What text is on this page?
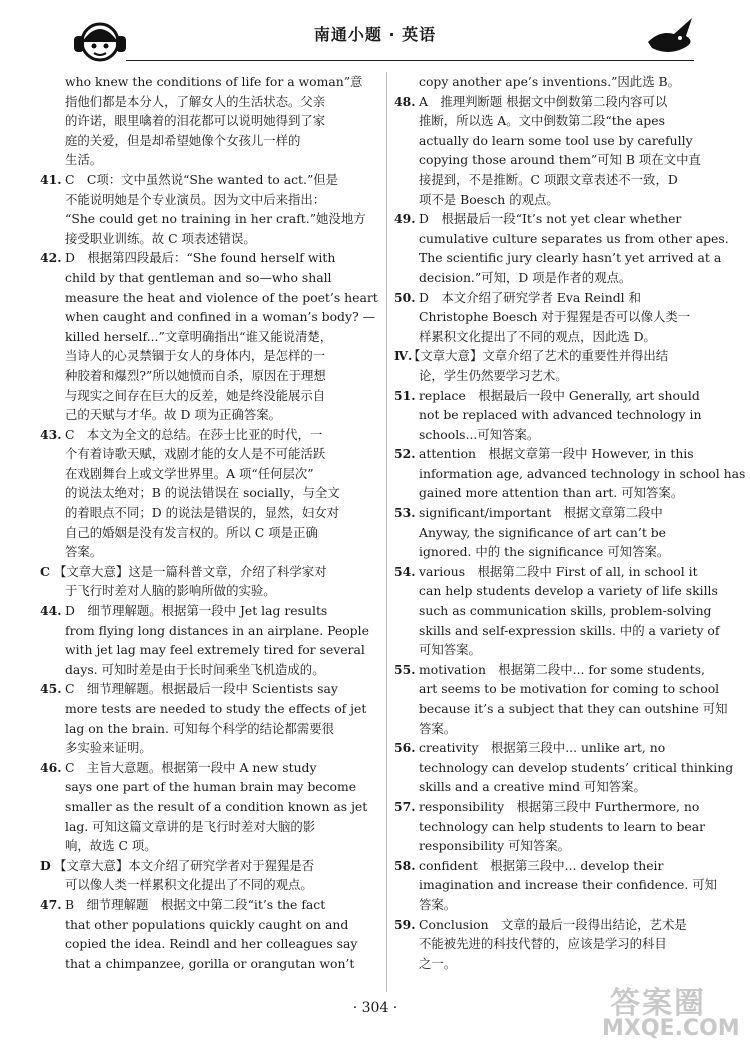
南通小题 · 英语
who knew the conditions of life for a woman”意
指他们都是本分人，了解女人的生活状态。父亲
的许诺，眼里噙着的泪花都可以说明她得到了家
庭的关爱，但是却希望她像个女孩儿一样的
生活。
41. C　C项：文中虽然说“She wanted to act.”但是
不能说明她是个专业演员。因为文中后来指出：
“She could get no training in her craft.”她没地方
接受职业训练。故 C 项表述错误。
42. D　根据第四段最后：“She found herself with
child by that gentleman and so—who shall
measure the heat and violence of the poet’s heart
when caught and confined in a woman’s body? —
killed herself...”文章明确指出“谁又能说清楚，
当诗人的心灵禁锢于女人的身体内，是怎样的一
种胶着和爆烈?”所以她愤而自杀，原因在于理想
与现实之间存在巨大的反差，她是终没能展示自
己的天赋与才华。故 D 项为正确答案。
43. C　本文为全文的总结。在莎士比亚的时代，一
个有着诗歌天赋，戏剧才能的女人是不可能活跃
在戏剧舞台上或文学世界里。A 项“任何层次”
的说法太绝对；B 的说法错误在 socially，与全文
的着眼点不同；D 的说法是错误的，显然，妇女对
自己的婚姻是没有发言权的。所以 C 项是正确
答案。
C 【文章大意】这是一篇科普文章，介绍了科学家对
于飞行时差对人脑的影响所做的实验。
44. D　细节理解题。根据第一段中 Jet lag results
from flying long distances in an airplane. People
with jet lag may feel extremely tired for several
days. 可知时差是由于长时间乘坐飞机造成的。
45. C　细节理解题。根据最后一段中 Scientists say
more tests are needed to study the effects of jet
lag on the brain. 可知每个科学的结论都需要很
多实验来证明。
46. C　主旨大意题。根据第一段中 A new study
says one part of the human brain may become
smaller as the result of a condition known as jet
lag. 可知这篇文章讲的是飞行时差对大脑的影
响，故选 C 项。
D 【文章大意】本文介绍了研究学者对于猩猩是否
可以像人类一样累积文化提出了不同的观点。
47. B　细节理解题　根据文中第二段“it’s the fact
that other populations quickly caught on and
copied the idea. Reindl and her colleagues say
that a chimpanzee, gorilla or orangutan won’t
copy another ape’s inventions.”因此选 B。
48. A　推理判断题 根据文中倒数第二段内容可以
推断，所以选 A。文中倒数第二段“the apes
actually do learn some tool use by carefully
copying those around them”可知 B 项在文中直
接提到，不是推断。C 项跟文章表述不一致，D
项不是 Boesch 的观点。
49. D　根据最后一段“It’s not yet clear whether
cumulative culture separates us from other apes.
The scientific jury clearly hasn’t yet arrived at a
decision.”可知，D 项是作者的观点。
50. D　本文介绍了研究学者 Eva Reindl 和
Christophe Boesch 对于猩猩是否可以像人类一
样累积文化提出了不同的观点，因此选 D。
Ⅳ.【文章大意】文章介绍了艺术的重要性并得出结
论，学生仍然要学习艺术。
51. replace　根据最后一段中 Generally, art should
not be replaced with advanced technology in
schools...可知答案。
52. attention　根据文章第一段中 However, in this
information age, advanced technology in school has
gained more attention than art. 可知答案。
53. significant/important　根据文章第二段中
Anyway, the significance of art can’t be
ignored. 中的 the significance 可知答案。
54. various　根据第二段中 First of all, in school it
can help students develop a variety of life skills
such as communication skills, problem-solving
skills and self-expression skills. 中的 a variety of
可知答案。
55. motivation　根据第二段中... for some students,
art seems to be motivation for coming to school
because it’s a subject that they can outshine 可知
答案。
56. creativity　根据第三段中... unlike art, no
technology can develop students’ critical thinking
skills and a creative mind 可知答案。
57. responsibility　根据第三段中 Furthermore, no
technology can help students to learn to bear
responsibility 可知答案。
58. confident　根据第三段中... develop their
imagination and increase their confidence. 可知
答案。
59. Conclusion　文章的最后一段得出结论，艺术是
不能被先进的科技代替的，应该是学习的科目
之一。
· 304 ·	答案圈
MXQE.COM
